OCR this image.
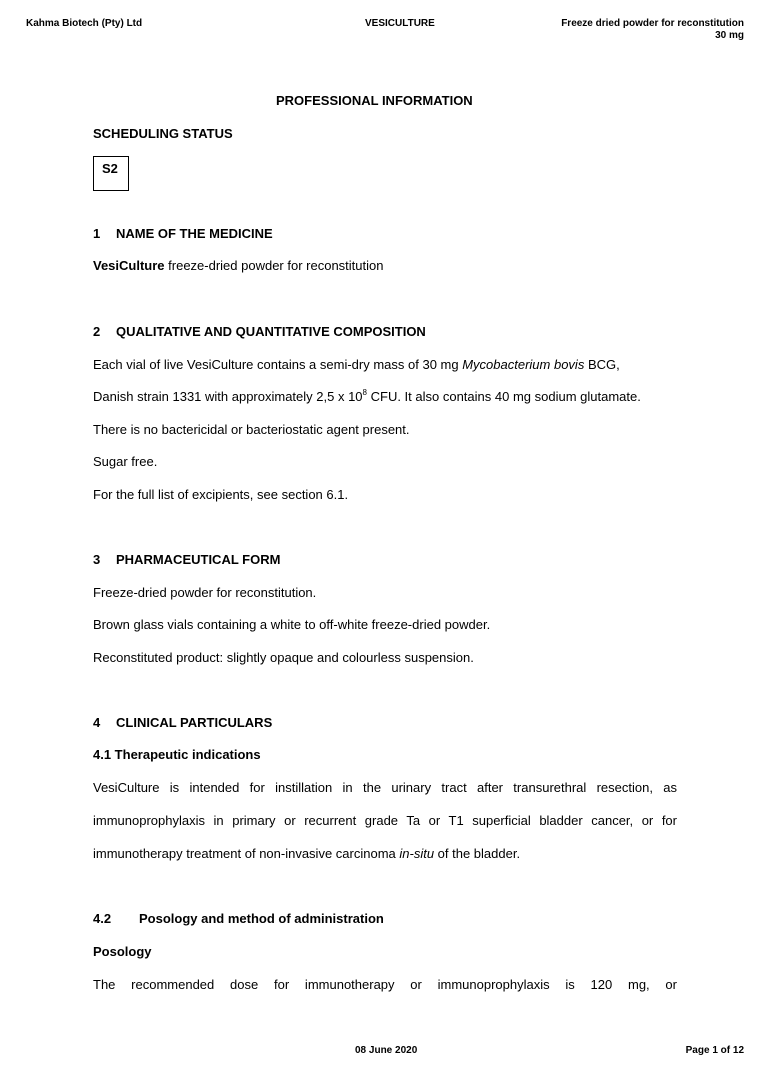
Kahma Biotech (Pty) Ltd	VESICULTURE	Freeze dried powder for reconstitution
30 mg
PROFESSIONAL INFORMATION
SCHEDULING STATUS
S2
1 NAME OF THE MEDICINE
VesiCulture freeze-dried powder for reconstitution
2 QUALITATIVE AND QUANTITATIVE COMPOSITION
Each vial of live VesiCulture contains a semi-dry mass of 30 mg Mycobacterium bovis BCG,
Danish strain 1331 with approximately 2,5 x $10^8$ CFU. It also contains 40 mg sodium glutamate.
There is no bactericidal or bacteriostatic agent present.
Sugar free.
For the full list of excipients, see section 6.1.
3 PHARMACEUTICAL FORM
Freeze-dried powder for reconstitution.
Brown glass vials containing a white to off-white freeze-dried powder.
Reconstituted product: slightly opaque and colourless suspension.
4 CLINICAL PARTICULARS
4.1 Therapeutic indications
VesiCulture is intended for instillation in the urinary tract after transurethral resection, as
immunoprophylaxis in primary or recurrent grade Ta or T1 superficial bladder cancer, or for
immunotherapy treatment of non-invasive carcinoma in-situ of the bladder.
4.2 Posology and method of administration
Posology
The recommended dose for immunotherapy or immunoprophylaxis is 120 mg, or
08 June 2020	Page 1 of 12
